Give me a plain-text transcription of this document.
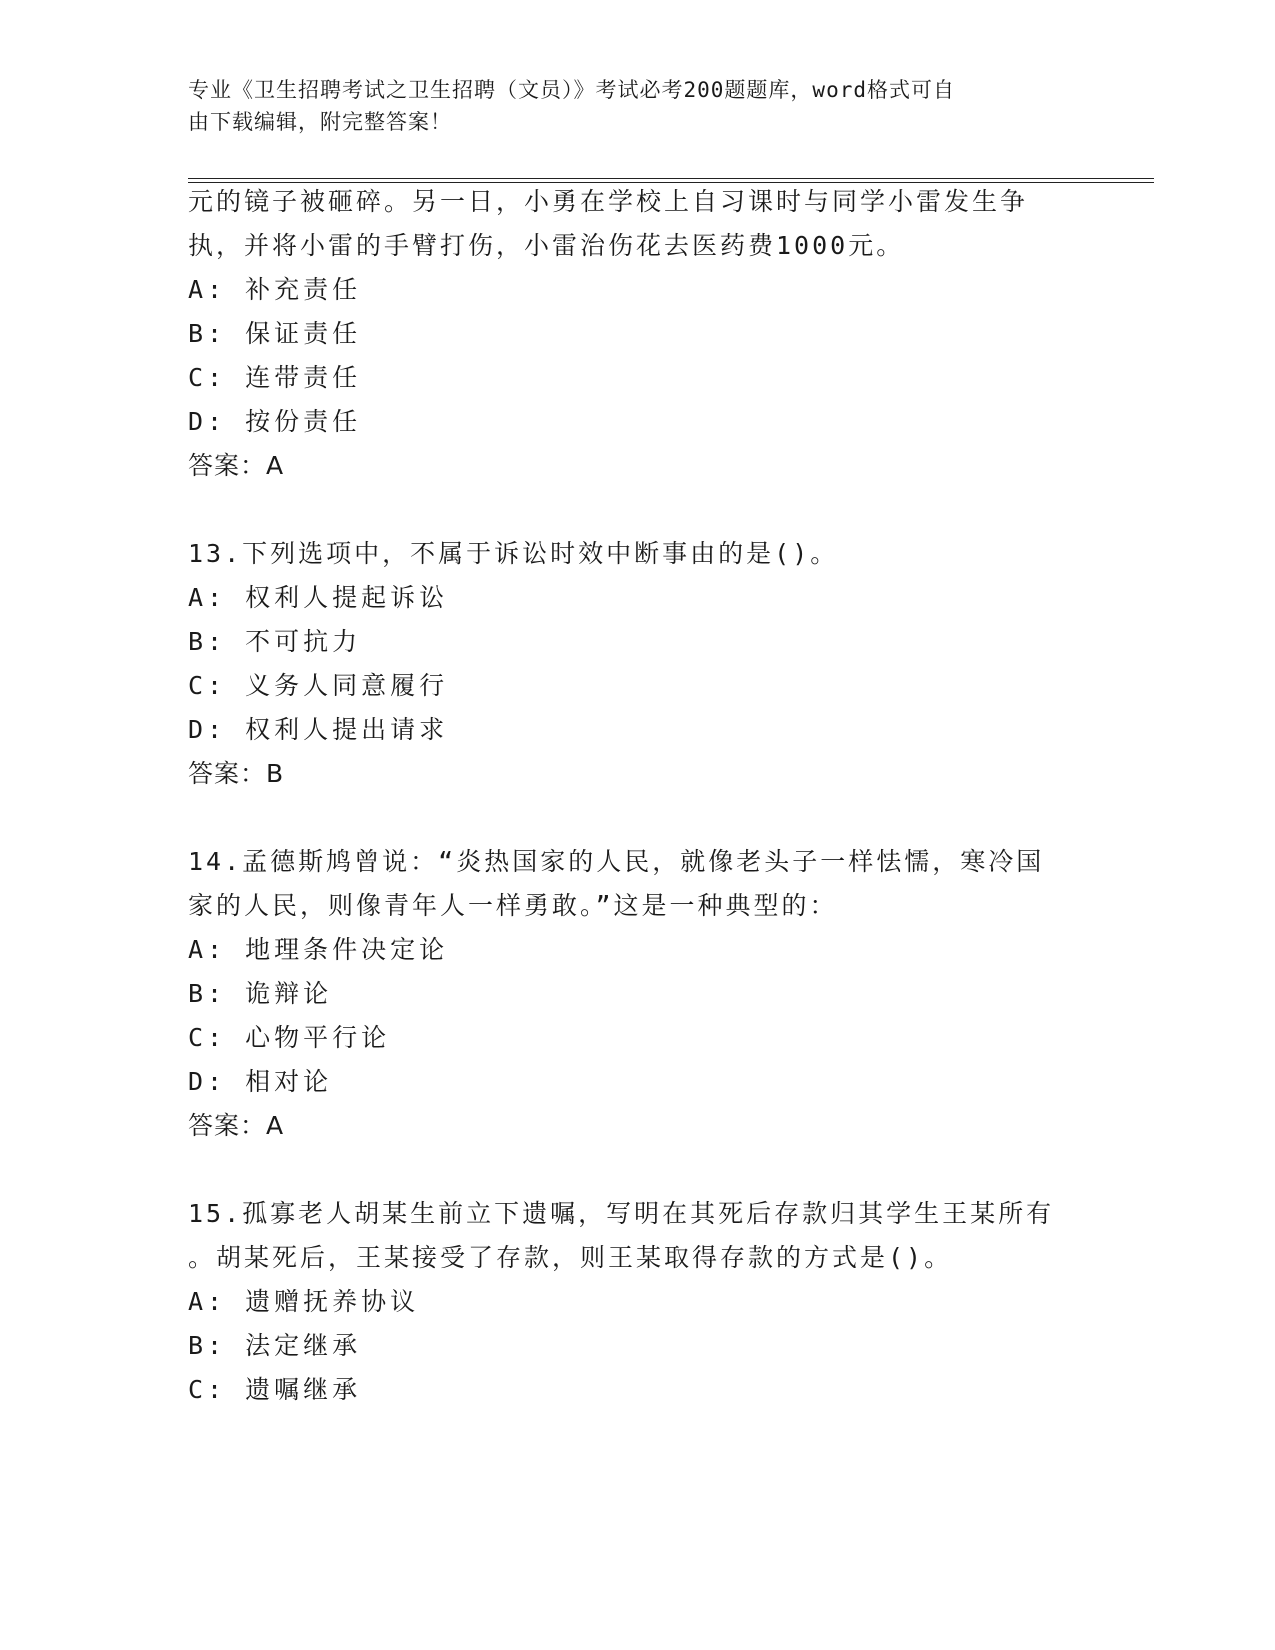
专业《卫生招聘考试之卫生招聘（文员）》考试必考200题题库，word格式可自
由下载编辑，附完整答案！
元的镜子被砸碎。另一日，小勇在学校上自习课时与同学小雷发生争
执，并将小雷的手臂打伤，小雷治伤花去医药费1000元。
A: 补充责任
B: 保证责任
C: 连带责任
D: 按份责任
答案：A
13.下列选项中，不属于诉讼时效中断事由的是()。
A: 权利人提起诉讼
B: 不可抗力
C: 义务人同意履行
D: 权利人提出请求
答案：B
14.孟德斯鸠曾说：“炎热国家的人民，就像老头子一样怯懦，寒冷国
家的人民，则像青年人一样勇敢。”这是一种典型的：
A: 地理条件决定论
B: 诡辩论
C: 心物平行论
D: 相对论
答案：A
15.孤寡老人胡某生前立下遗嘱，写明在其死后存款归其学生王某所有
。胡某死后，王某接受了存款，则王某取得存款的方式是()。
A: 遗赠抚养协议
B: 法定继承
C: 遗嘱继承
